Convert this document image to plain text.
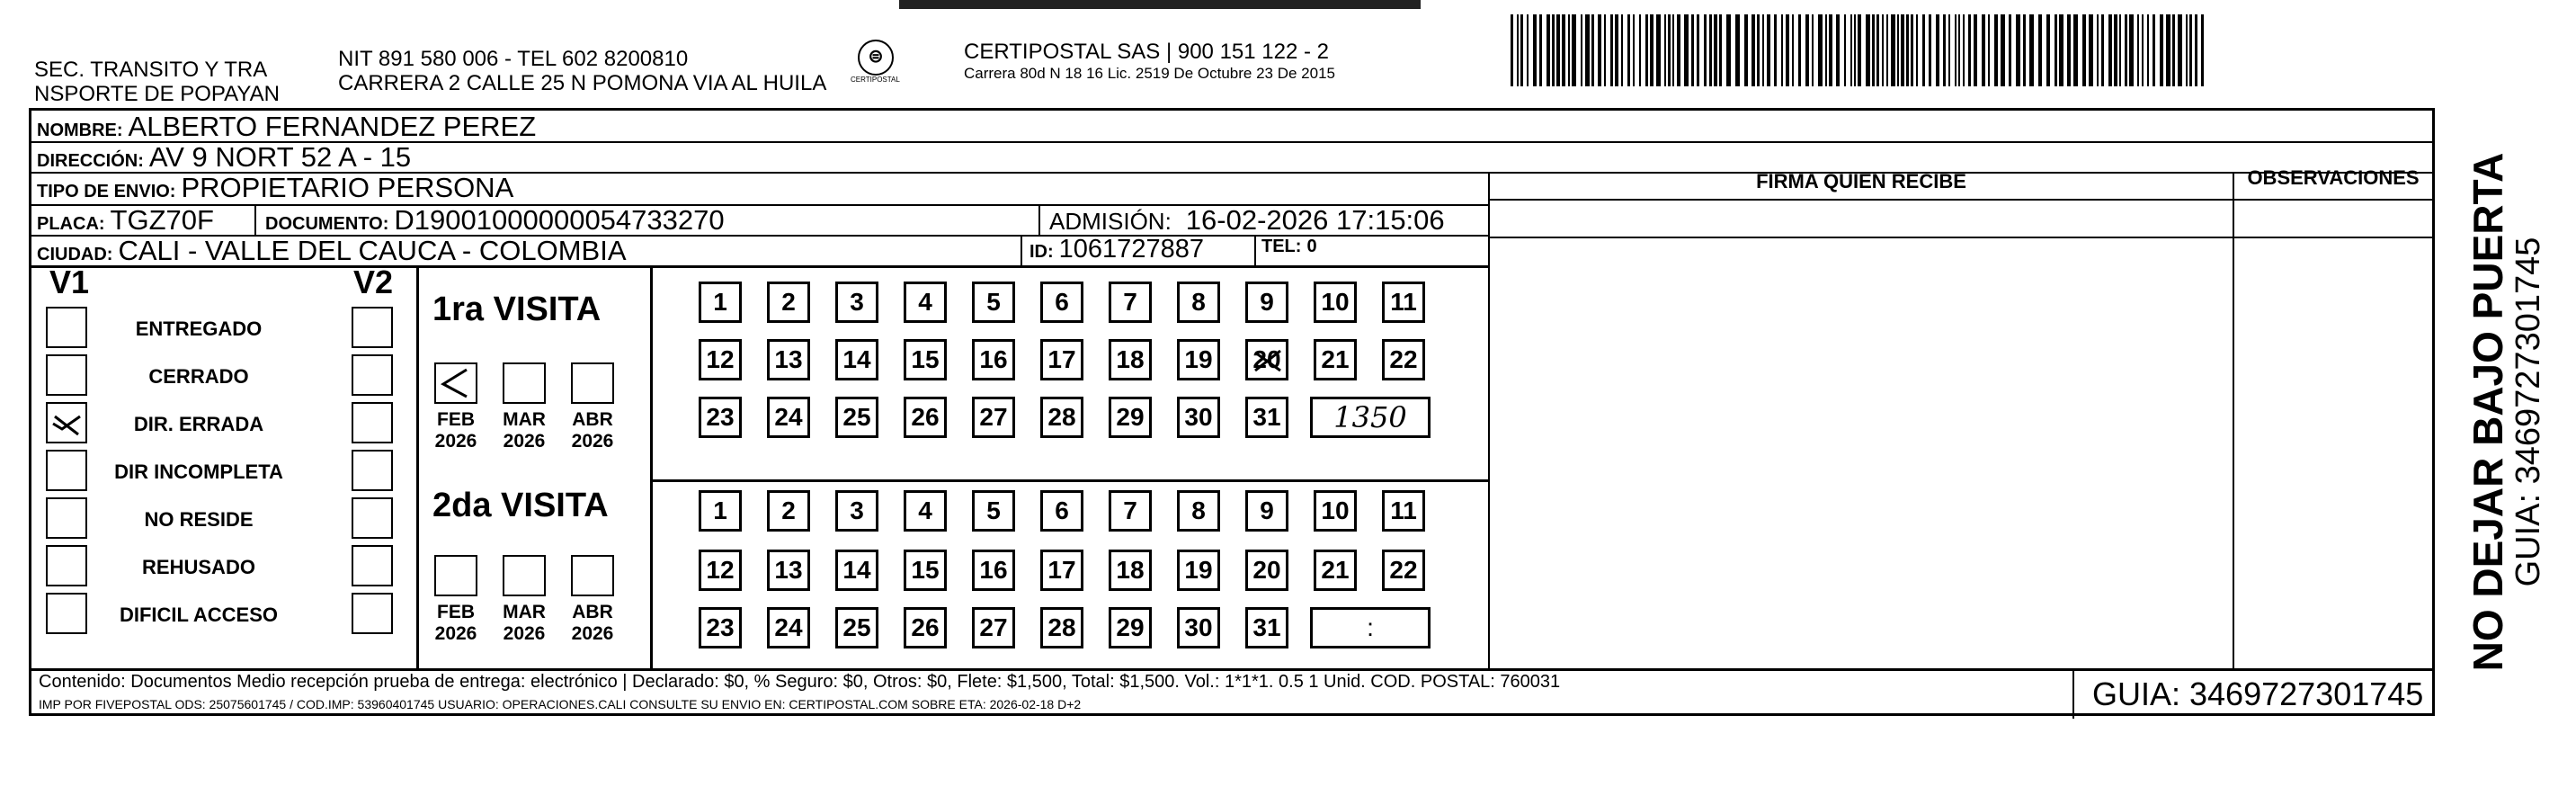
SEC. TRANSITO Y TRA
NSPORTE DE POPAYAN
NIT 891 580 006 - TEL 602 8200810
CARRERA 2 CALLE 25 N POMONA VIA AL HUILA
⊜
CERTIPOSTAL
CERTIPOSTAL SAS | 900 151 122 - 2
Carrera 80d N 18 16 Lic. 2519 De Octubre 23 De 2015
NOMBRE: ALBERTO FERNANDEZ PEREZ
DIRECCIÓN: AV 9 NORT 52 A - 15
TIPO DE ENVIO: PROPIETARIO PERSONA
PLACA: TGZ70F	DOCUMENTO: D19001000000054733270	ADMISIÓN: 16-02-2026 17:15:06
CIUDAD: CALI - VALLE DEL CAUCA - COLOMBIA	ID: 1061727887	TEL: 0
FIRMA QUIEN RECIBE	OBSERVACIONES
V1	V2
ENTREGADO
CERRADO
DIR. ERRADA
DIR INCOMPLETA
NO RESIDE
REHUSADO
DIFICIL ACCESO
1ra VISITA
2da VISITA
FEB
2026
MAR
2026
ABR
2026
FEB
2026
MAR
2026
ABR
2026
1	2	3	4	5	6	7	8	9	10	11
12	13	14	15	16	17	18	19	20	21	22
23	24	25	26	27	28	29	30	31	1350
1	2	3	4	5	6	7	8	9	10	11
12	13	14	15	16	17	18	19	20	21	22
23	24	25	26	27	28	29	30	31	:
Contenido: Documentos Medio recepción prueba de entrega: electrónico | Declarado: $0, % Seguro: $0, Otros: $0, Flete: $1,500, Total: $1,500. Vol.: 1*1*1. 0.5 1 Unid. COD. POSTAL: 760031
IMP POR FIVEPOSTAL ODS: 25075601745 / COD.IMP: 53960401745 USUARIO: OPERACIONES.CALI CONSULTE SU ENVIO EN: CERTIPOSTAL.COM SOBRE ETA: 2026-02-18 D+2	GUIA: 3469727301745
NO DEJAR BAJO PUERTA
GUIA: 3469727301745
